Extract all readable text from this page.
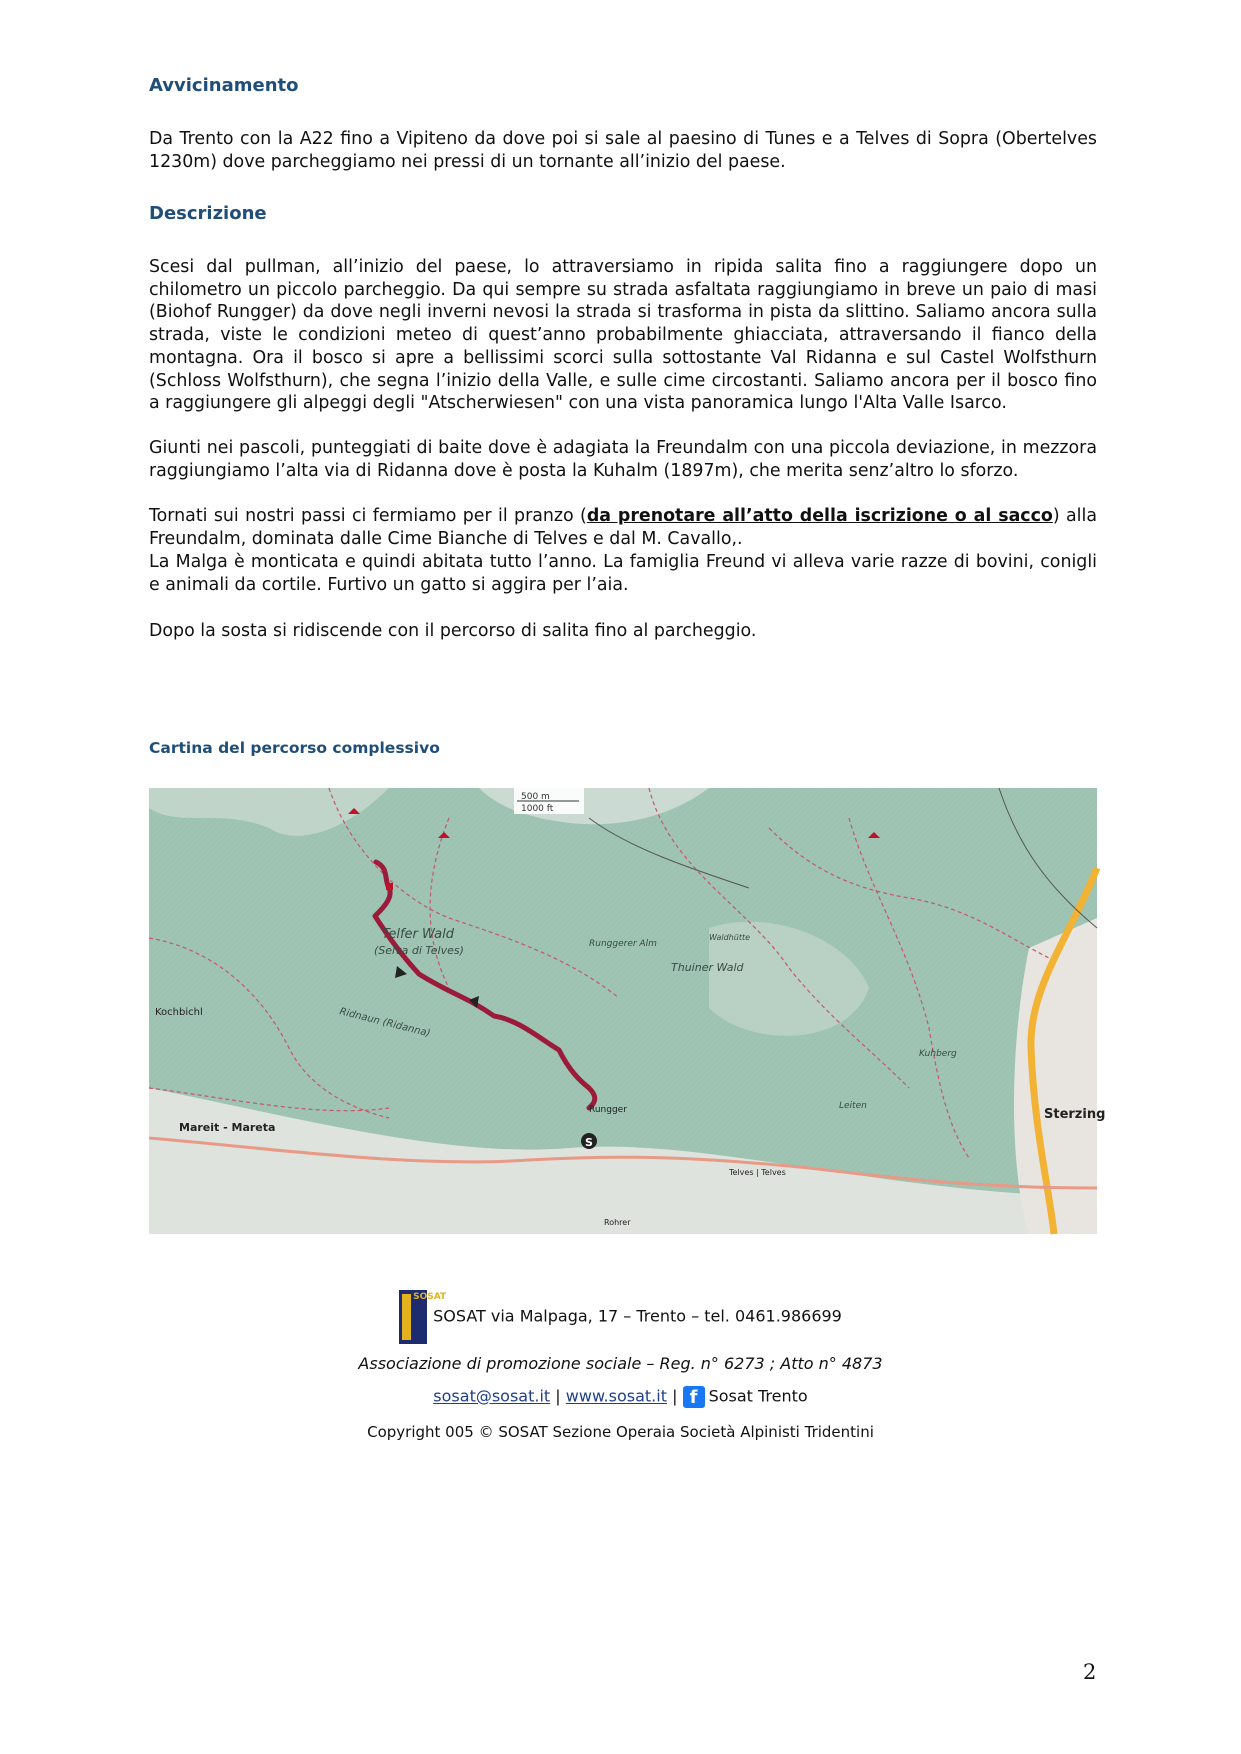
Avvicinamento

Da Trento con la A22 fino a Vipiteno da dove poi si sale al paesino di Tunes e a Telves di Sopra (Obertelves 1230m) dove parcheggiamo nei pressi di un tornante all’inizio del paese.

Descrizione

Scesi dal pullman, all’inizio del paese, lo attraversiamo in ripida salita fino a raggiungere dopo un chilometro un piccolo parcheggio. Da qui sempre su strada asfaltata raggiungiamo in breve un paio di masi (Biohof Rungger) da dove negli inverni nevosi la strada si trasforma in pista da slittino. Saliamo ancora sulla strada, viste le condizioni meteo di quest’anno probabilmente ghiacciata, attraversando il fianco della montagna. Ora il bosco si apre a bellissimi scorci sulla sottostante Val Ridanna e sul Castel Wolfsthurn (Schloss Wolfsthurn), che segna l’inizio della Valle, e sulle cime circostanti. Saliamo ancora per il bosco fino a raggiungere gli alpeggi degli "Atscherwiesen" con una vista panoramica lungo l'Alta Valle Isarco.

Giunti nei pascoli, punteggiati di baite dove è adagiata la Freundalm con una piccola deviazione, in mezzora raggiungiamo l’alta via di Ridanna dove è posta la Kuhalm (1897m), che merita senz’altro lo sforzo.

Tornati sui nostri passi ci fermiamo per il pranzo (da prenotare all’atto della iscrizione o al sacco) alla Freundalm, dominata dalle Cime Bianche di Telves e dal M. Cavallo,.

La Malga è monticata e quindi abitata tutto l’anno. La famiglia Freund vi alleva varie razze di bovini, conigli e animali da cortile. Furtivo un gatto si aggira per l’aia.

Dopo la sosta si ridiscende con il percorso di salita fino al parcheggio.

Cartina del percorso complessivo
S
500 m
1000 ft
Telfer Wald
(Selva di Telves)
Thuiner Wald
Runggerer Alm
Ridnaun (Ridanna)
Waldhütte
Kuhberg
Leiten
Kochbichl
Mareit - Mareta
Rungger	Sterzing
Telves | Telves
Rohrer
SOSAT
SOSAT via Malpaga, 17 – Trento – tel. 0461.986699
Associazione di promozione sociale – Reg. n° 6273 ; Atto n° 4873
sosat@sosat.it | www.sosat.it | f Sosat Trento
Copyright 005 © SOSAT Sezione Operaia Società Alpinisti Tridentini
2
